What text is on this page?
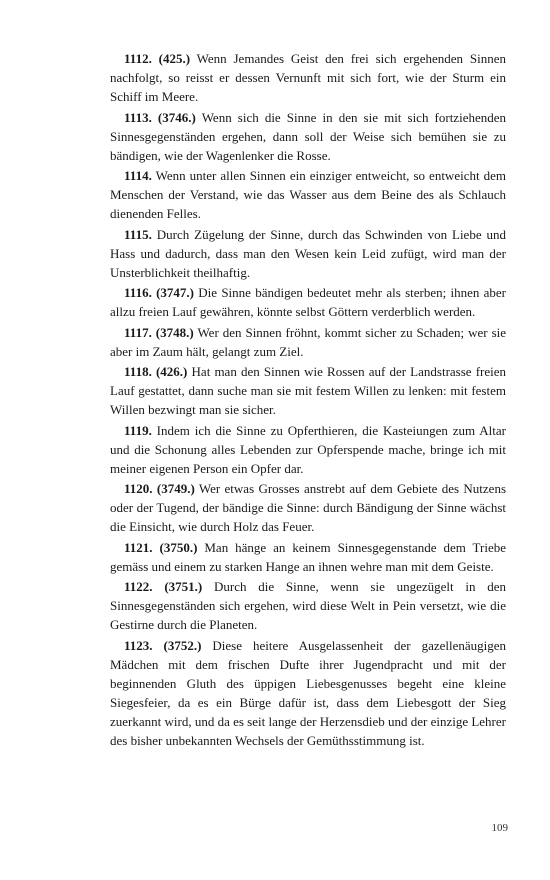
1112. (425.) Wenn Jemandes Geist den frei sich ergehenden Sinnen nachfolgt, so reisst er dessen Vernunft mit sich fort, wie der Sturm ein Schiff im Meere.

1113. (3746.) Wenn sich die Sinne in den sie mit sich fortziehenden Sinnesgegenständen ergehen, dann soll der Weise sich bemühen sie zu bändigen, wie der Wagenlenker die Rosse.

1114. Wenn unter allen Sinnen ein einziger entweicht, so entweicht dem Menschen der Verstand, wie das Wasser aus dem Beine des als Schlauch dienenden Felles.

1115. Durch Zügelung der Sinne, durch das Schwinden von Liebe und Hass und dadurch, dass man den Wesen kein Leid zufügt, wird man der Unsterblichkeit theilhaftig.

1116. (3747.) Die Sinne bändigen bedeutet mehr als sterben; ihnen aber allzu freien Lauf gewähren, könnte selbst Göttern verderblich werden.

1117. (3748.) Wer den Sinnen fröhnt, kommt sicher zu Schaden; wer sie aber im Zaum hält, gelangt zum Ziel.

1118. (426.) Hat man den Sinnen wie Rossen auf der Landstrasse freien Lauf gestattet, dann suche man sie mit festem Willen zu lenken: mit festem Willen bezwingt man sie sicher.

1119. Indem ich die Sinne zu Opferthieren, die Kasteiungen zum Altar und die Schonung alles Lebenden zur Opferspende mache, bringe ich mit meiner eigenen Person ein Opfer dar.

1120. (3749.) Wer etwas Grosses anstrebt auf dem Gebiete des Nutzens oder der Tugend, der bändige die Sinne: durch Bändigung der Sinne wächst die Einsicht, wie durch Holz das Feuer.

1121. (3750.) Man hänge an keinem Sinnesgegenstande dem Triebe gemäss und einem zu starken Hange an ihnen wehre man mit dem Geiste.

1122. (3751.) Durch die Sinne, wenn sie ungezügelt in den Sinnesgegenständen sich ergehen, wird diese Welt in Pein versetzt, wie die Gestirne durch die Planeten.

1123. (3752.) Diese heitere Ausgelassenheit der gazellenäugigen Mädchen mit dem frischen Dufte ihrer Jugendpracht und mit der beginnenden Gluth des üppigen Liebesgenusses begeht eine kleine Siegesfeier, da es ein Bürge dafür ist, dass dem Liebesgott der Sieg zuerkannt wird, und da es seit lange der Herzensdieb und der einzige Lehrer des bisher unbekannten Wechsels der Gemüthsstimmung ist.

109
